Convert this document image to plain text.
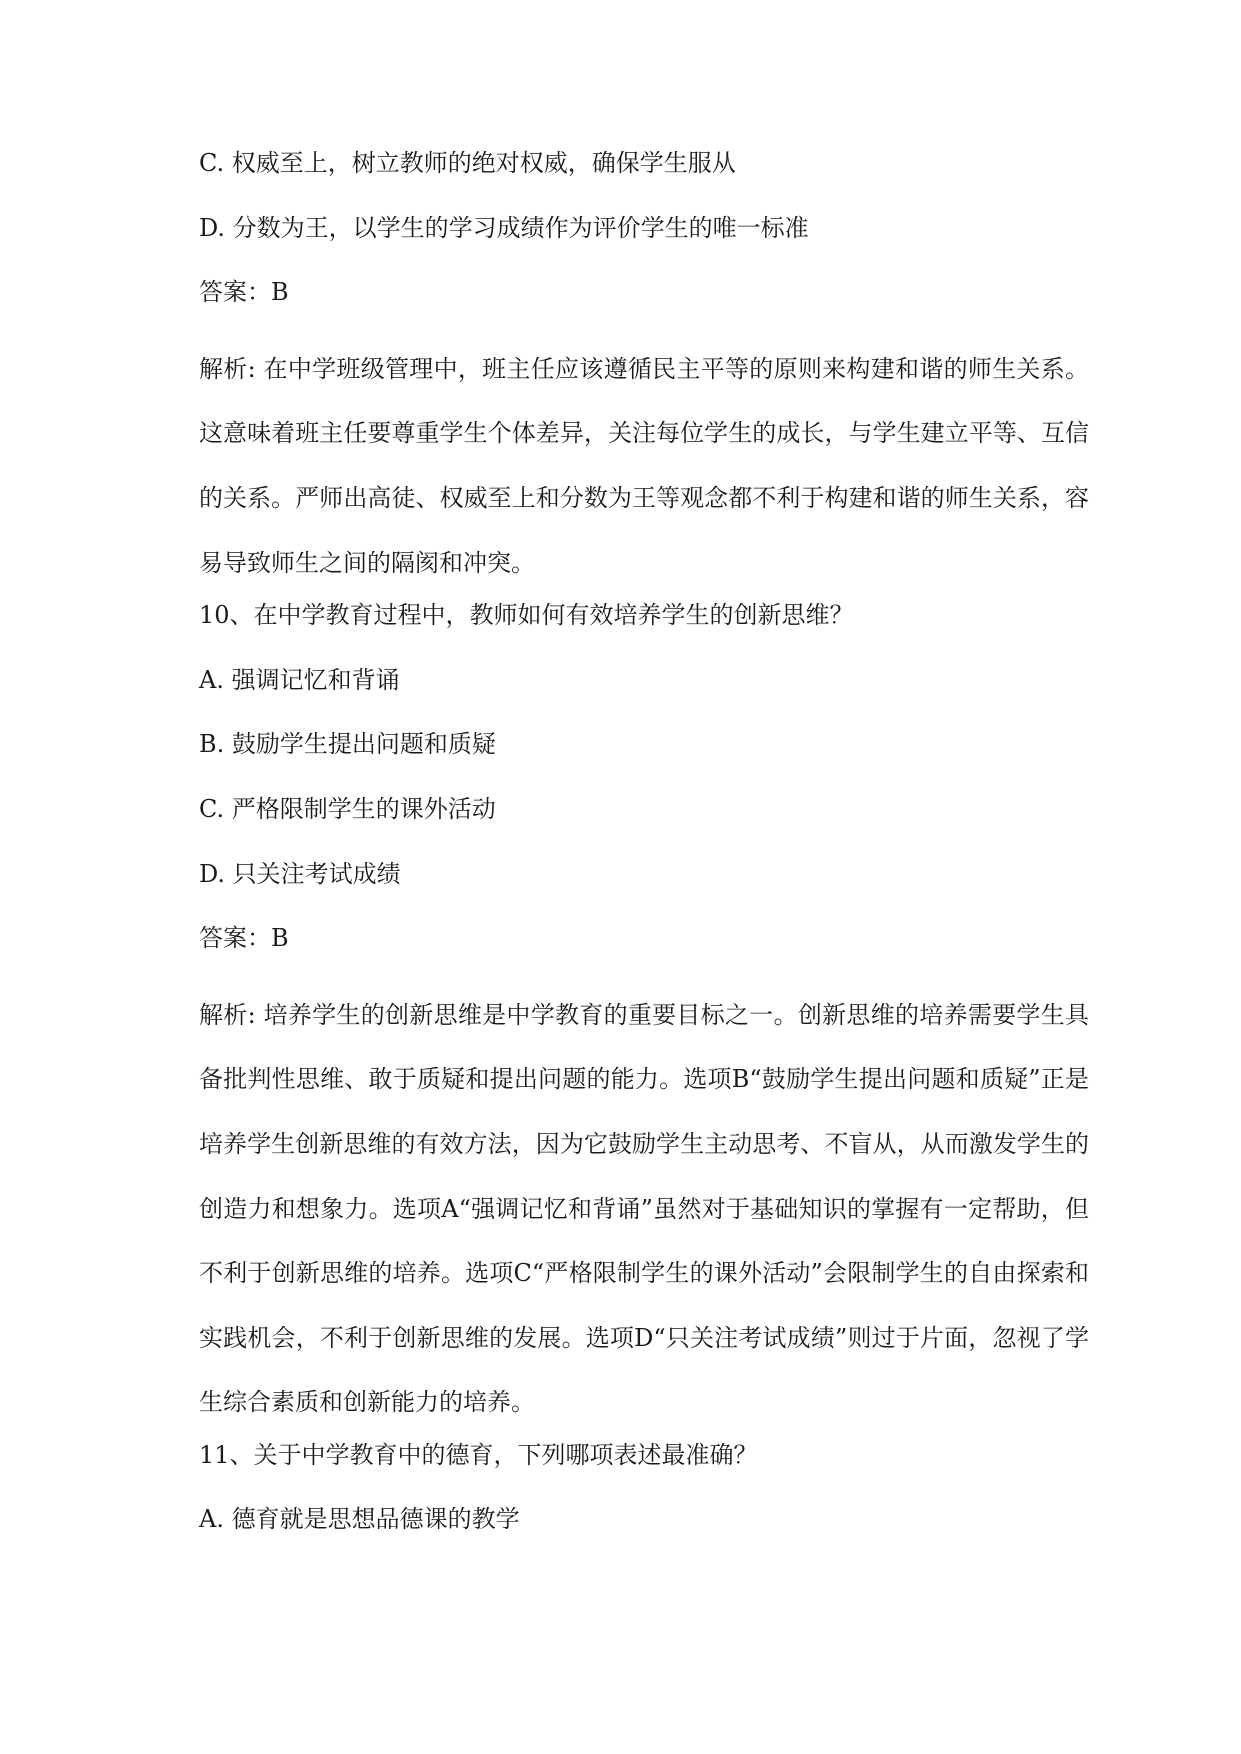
C. 权威至上，树立教师的绝对权威，确保学生服从
D. 分数为王，以学生的学习成绩作为评价学生的唯一标准
答案：B

解析: 在中学班级管理中，班主任应该遵循民主平等的原则来构建和谐的师生关系。这意味着班主任要尊重学生个体差异，关注每位学生的成长，与学生建立平等、互信的关系。严师出高徒、权威至上和分数为王等观念都不利于构建和谐的师生关系，容易导致师生之间的隔阂和冲突。

10、在中学教育过程中，教师如何有效培养学生的创新思维？
A. 强调记忆和背诵
B. 鼓励学生提出问题和质疑
C. 严格限制学生的课外活动
D. 只关注考试成绩
答案：B

解析: 培养学生的创新思维是中学教育的重要目标之一。创新思维的培养需要学生具备批判性思维、敢于质疑和提出问题的能力。选项B“鼓励学生提出问题和质疑”正是培养学生创新思维的有效方法，因为它鼓励学生主动思考、不盲从，从而激发学生的创造力和想象力。选项A“强调记忆和背诵”虽然对于基础知识的掌握有一定帮助，但不利于创新思维的培养。选项C“严格限制学生的课外活动”会限制学生的自由探索和实践机会，不利于创新思维的发展。选项D“只关注考试成绩”则过于片面，忽视了学生综合素质和创新能力的培养。

11、关于中学教育中的德育，下列哪项表述最准确？
A. 德育就是思想品德课的教学
